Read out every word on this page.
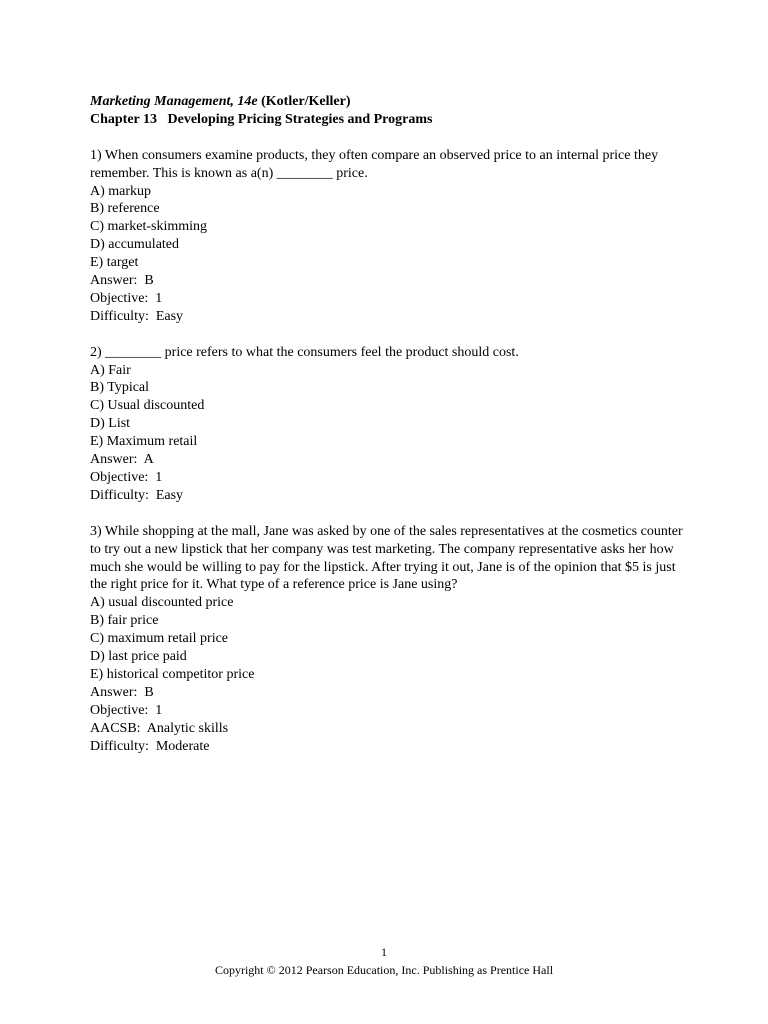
Marketing Management, 14e (Kotler/Keller)
Chapter 13   Developing Pricing Strategies and Programs
1) When consumers examine products, they often compare an observed price to an internal price they remember. This is known as a(n) ________ price.
A) markup
B) reference
C) market-skimming
D) accumulated
E) target
Answer:  B
Objective:  1
Difficulty:  Easy
2) ________ price refers to what the consumers feel the product should cost.
A) Fair
B) Typical
C) Usual discounted
D) List
E) Maximum retail
Answer:  A
Objective:  1
Difficulty:  Easy
3) While shopping at the mall, Jane was asked by one of the sales representatives at the cosmetics counter to try out a new lipstick that her company was test marketing. The company representative asks her how much she would be willing to pay for the lipstick. After trying it out, Jane is of the opinion that $5 is just the right price for it. What type of a reference price is Jane using?
A) usual discounted price
B) fair price
C) maximum retail price
D) last price paid
E) historical competitor price
Answer:  B
Objective:  1
AACSB:  Analytic skills
Difficulty:  Moderate
1
Copyright © 2012 Pearson Education, Inc. Publishing as Prentice Hall
